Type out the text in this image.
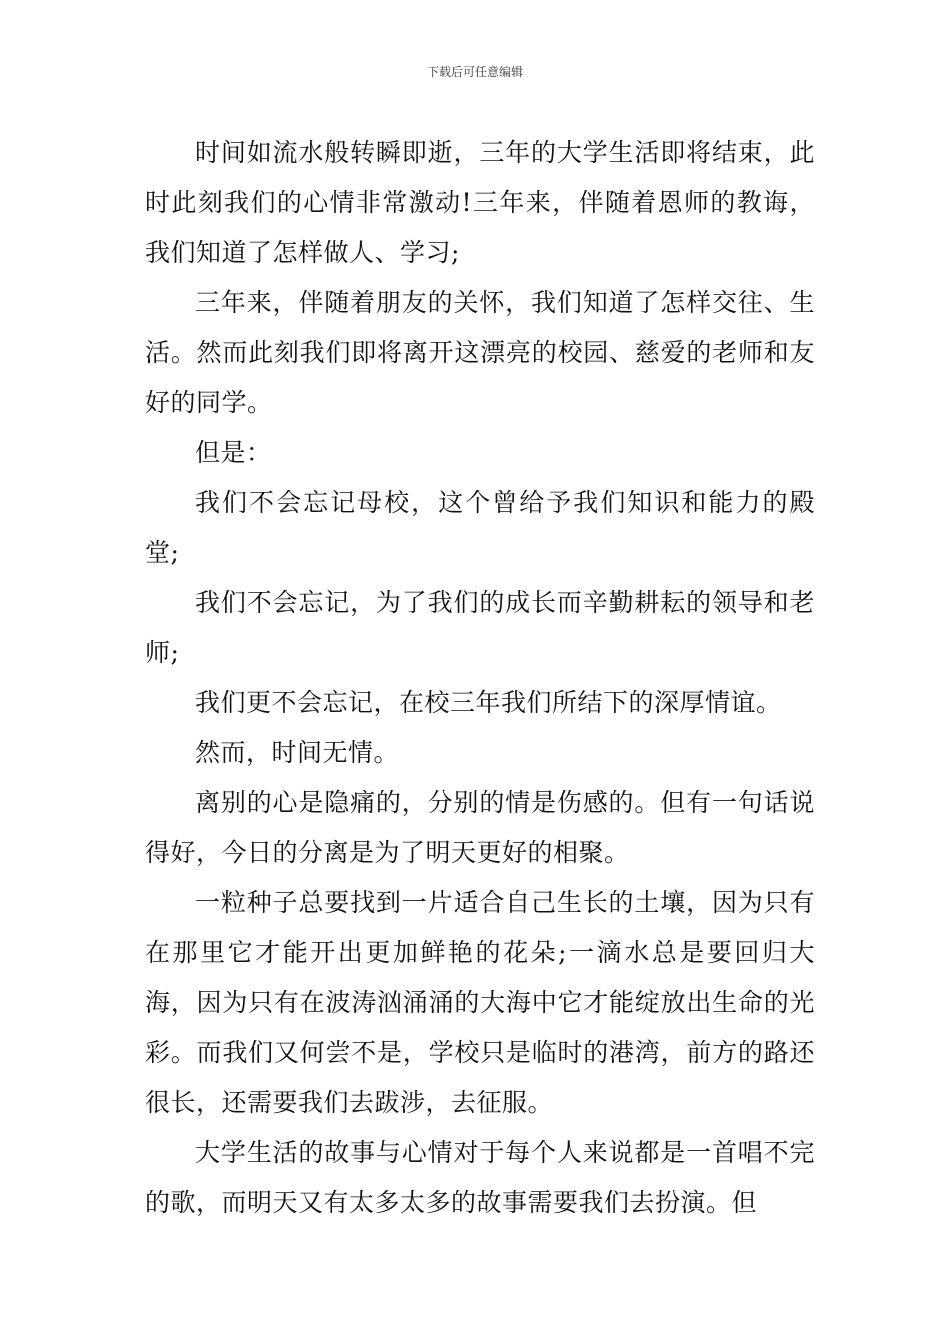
下载后可任意编辑

时间如流水般转瞬即逝，三年的大学生活即将结束，此时此刻我们的心情非常激动!三年来，伴随着恩师的教诲，我们知道了怎样做人、学习;

三年来，伴随着朋友的关怀，我们知道了怎样交往、生活。然而此刻我们即将离开这漂亮的校园、慈爱的老师和友好的同学。

但是：

我们不会忘记母校，这个曾给予我们知识和能力的殿堂;

我们不会忘记，为了我们的成长而辛勤耕耘的领导和老师;

我们更不会忘记，在校三年我们所结下的深厚情谊。

然而，时间无情。

离别的心是隐痛的，分别的情是伤感的。但有一句话说得好，今日的分离是为了明天更好的相聚。

一粒种子总要找到一片适合自己生长的土壤，因为只有在那里它才能开出更加鲜艳的花朵;一滴水总是要回归大海，因为只有在波涛汹涌涌的大海中它才能绽放出生命的光彩。而我们又何尝不是，学校只是临时的港湾，前方的路还很长，还需要我们去跋涉，去征服。

大学生活的故事与心情对于每个人来说都是一首唱不完的歌，而明天又有太多太多的故事需要我们去扮演。但
